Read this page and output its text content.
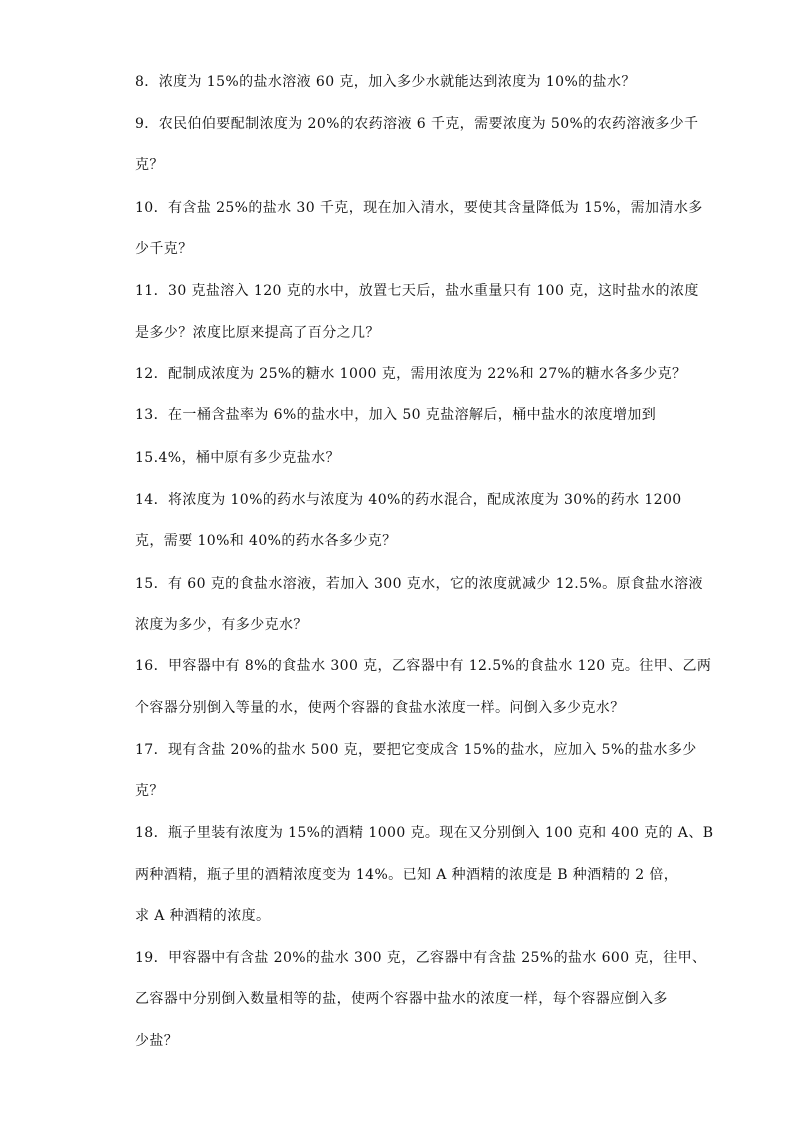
8．浓度为 15%的盐水溶液 60 克，加入多少水就能达到浓度为 10%的盐水？
9．农民伯伯要配制浓度为 20%的农药溶液 6 千克，需要浓度为 50%的农药溶液多少千
克？
10．有含盐 25%的盐水 30 千克，现在加入清水，要使其含量降低为 15%，需加清水多
少千克？
11．30 克盐溶入 120 克的水中，放置七天后，盐水重量只有 100 克，这时盐水的浓度
是多少？浓度比原来提高了百分之几？
12．配制成浓度为 25%的糖水 1000 克，需用浓度为 22%和 27%的糖水各多少克？
13．在一桶含盐率为 6%的盐水中，加入 50 克盐溶解后，桶中盐水的浓度增加到
15.4%，桶中原有多少克盐水？
14．将浓度为 10%的药水与浓度为 40%的药水混合，配成浓度为 30%的药水 1200
克，需要 10%和 40%的药水各多少克？
15．有 60 克的食盐水溶液，若加入 300 克水，它的浓度就减少 12.5%。原食盐水溶液
浓度为多少，有多少克水？
16．甲容器中有 8%的食盐水 300 克，乙容器中有 12.5%的食盐水 120 克。往甲、乙两
个容器分别倒入等量的水，使两个容器的食盐水浓度一样。问倒入多少克水？
17．现有含盐 20%的盐水 500 克，要把它变成含 15%的盐水，应加入 5%的盐水多少
克？
18．瓶子里装有浓度为 15%的酒精 1000 克。现在又分别倒入 100 克和 400 克的 A、B
两种酒精，瓶子里的酒精浓度变为 14%。已知 A 种酒精的浓度是 B 种酒精的 2 倍，
求 A 种酒精的浓度。
19．甲容器中有含盐 20%的盐水 300 克，乙容器中有含盐 25%的盐水 600 克，往甲、
乙容器中分别倒入数量相等的盐，使两个容器中盐水的浓度一样，每个容器应倒入多
少盐？
